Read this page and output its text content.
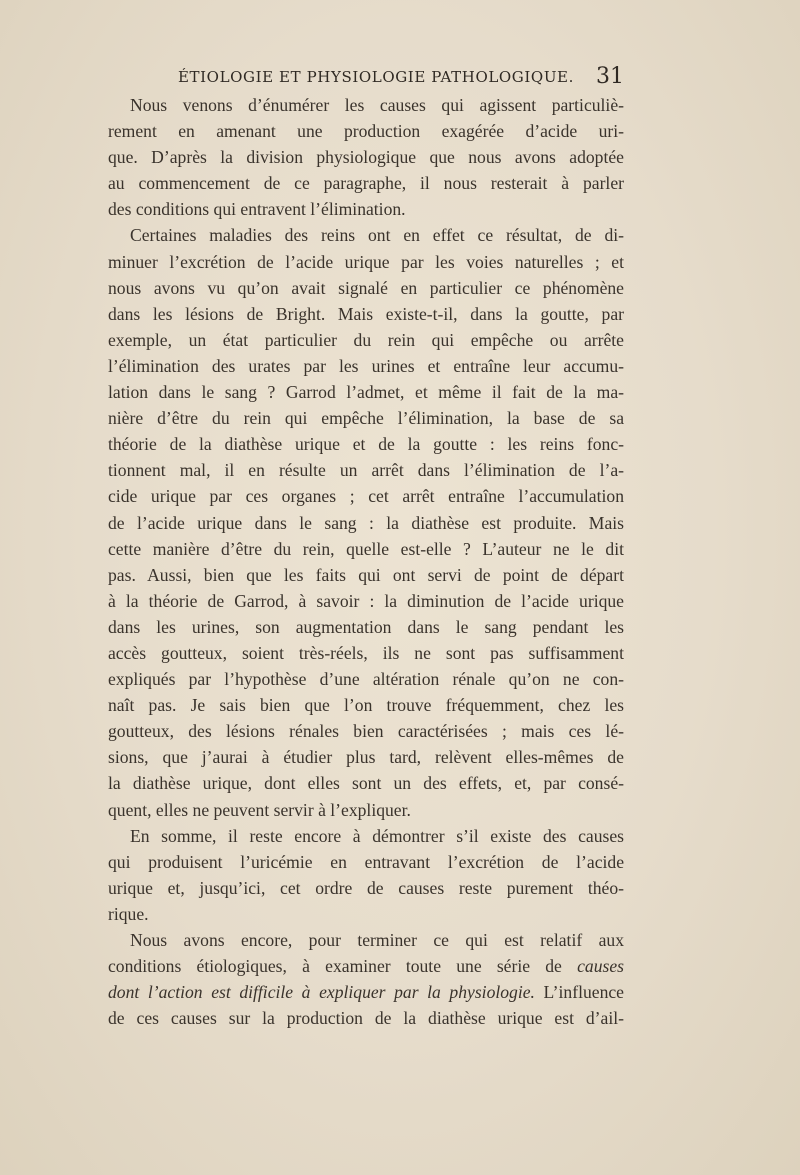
ÉTIOLOGIE ET PHYSIOLOGIE PATHOLOGIQUE. 31
Nous venons d’énumérer les causes qui agissent particuliè-
rement en amenant une production exagérée d’acide uri-
que. D’après la division physiologique que nous avons adoptée
au commencement de ce paragraphe, il nous resterait à parler
des conditions qui entravent l’élimination.
Certaines maladies des reins ont en effet ce résultat, de di-
minuer l’excrétion de l’acide urique par les voies naturelles ; et
nous avons vu qu’on avait signalé en particulier ce phénomène
dans les lésions de Bright. Mais existe-t-il, dans la goutte, par
exemple, un état particulier du rein qui empêche ou arrête
l’élimination des urates par les urines et entraîne leur accumu-
lation dans le sang ? Garrod l’admet, et même il fait de la ma-
nière d’être du rein qui empêche l’élimination, la base de sa
théorie de la diathèse urique et de la goutte : les reins fonc-
tionnent mal, il en résulte un arrêt dans l’élimination de l’a-
cide urique par ces organes ; cet arrêt entraîne l’accumulation
de l’acide urique dans le sang : la diathèse est produite. Mais
cette manière d’être du rein, quelle est-elle ? L’auteur ne le dit
pas. Aussi, bien que les faits qui ont servi de point de départ
à la théorie de Garrod, à savoir : la diminution de l’acide urique
dans les urines, son augmentation dans le sang pendant les
accès goutteux, soient très-réels, ils ne sont pas suffisamment
expliqués par l’hypothèse d’une altération rénale qu’on ne con-
naît pas. Je sais bien que l’on trouve fréquemment, chez les
goutteux, des lésions rénales bien caractérisées ; mais ces lé-
sions, que j’aurai à étudier plus tard, relèvent elles-mêmes de
la diathèse urique, dont elles sont un des effets, et, par consé-
quent, elles ne peuvent servir à l’expliquer.
En somme, il reste encore à démontrer s’il existe des causes
qui produisent l’uricémie en entravant l’excrétion de l’acide
urique et, jusqu’ici, cet ordre de causes reste purement théo-
rique.
Nous avons encore, pour terminer ce qui est relatif aux
conditions étiologiques, à examiner toute une série de causes
dont l’action est difficile à expliquer par la physiologie. L’influence
de ces causes sur la production de la diathèse urique est d’ail-
